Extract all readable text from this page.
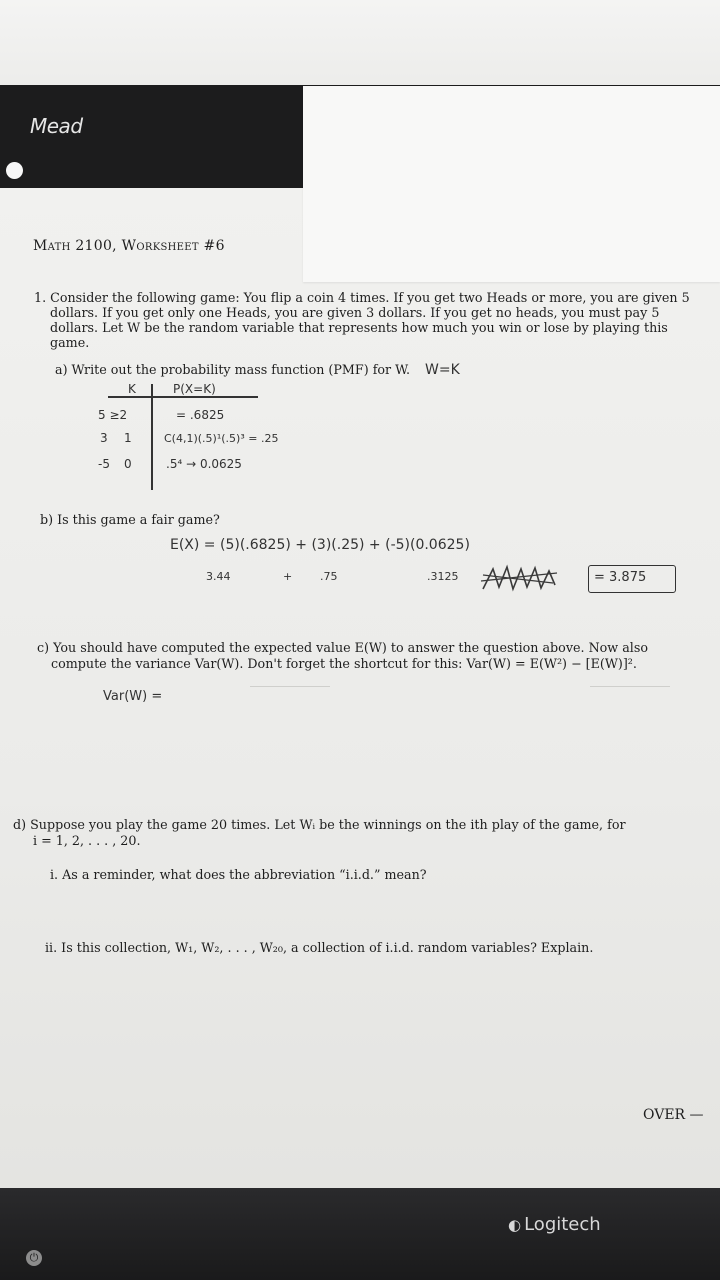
Mead
Math 2100, Worksheet #6
1. Consider the following game: You flip a coin 4 times. If you get two Heads or more, you are given 5
dollars. If you get only one Heads, you are given 3 dollars. If you get no heads, you must pay 5
dollars. Let W be the random variable that represents how much you win or lose by playing this
game.
a) Write out the probability mass function (PMF) for W. W=K
K	P(X=K)
5 ≥2	= .6825
3 1	C(4,1)(.5)¹(.5)³ = .25
-5 0	.5⁴ → 0.0625
b) Is this game a fair game?
E(X) = (5)(.6825) + (3)(.25) + (-5)(0.0625)
3.44	+	.75	.3125	= 3.875
c) You should have computed the expected value E(W) to answer the question above. Now also
compute the variance Var(W). Don't forget the shortcut for this: Var(W) = E(W²) − [E(W)]².
Var(W) =
d) Suppose you play the game 20 times. Let Wᵢ be the winnings on the ith play of the game, for
i = 1, 2, . . . , 20.
i. As a reminder, what does the abbreviation “i.i.d.” mean?
ii. Is this collection, W₁, W₂, . . . , W₂₀, a collection of i.i.d. random variables? Explain.
OVER —
◐ Logitech
⏻
